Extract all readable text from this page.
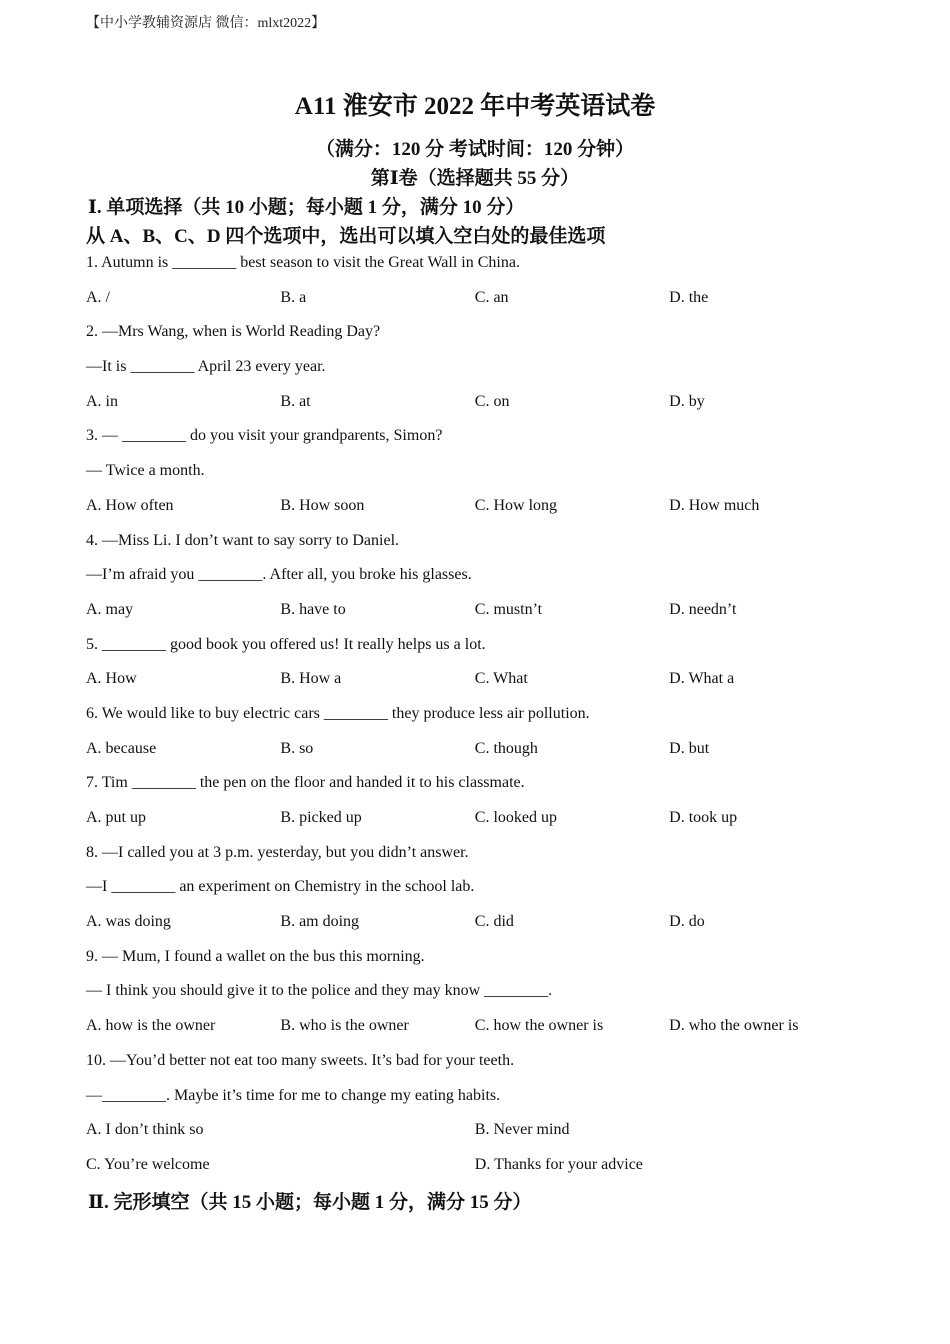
【中小学教辅资源店 微信：mlxt2022】
A11 淮安市 2022 年中考英语试卷
（满分：120 分 考试时间：120 分钟）
第Ⅰ卷（选择题共 55 分）
Ⅰ. 单项选择（共 10 小题；每小题 1 分，满分 10 分）
从 A、B、C、D 四个选项中，选出可以填入空白处的最佳选项
1. Autumn is ________ best season to visit the Great Wall in China.
A. /	B. a	C. an	D. the
2. —Mrs Wang, when is World Reading Day?
—It is ________ April 23 every year.
A. in	B. at	C. on	D. by
3. — ________ do you visit your grandparents, Simon?
— Twice a month.
A. How often	B. How soon	C. How long	D. How much
4. —Miss Li. I don’t want to say sorry to Daniel.
—I’m afraid you ________. After all, you broke his glasses.
A. may	B. have to	C. mustn’t	D. needn’t
5. ________ good book you offered us! It really helps us a lot.
A. How	B. How a	C. What	D. What a
6. We would like to buy electric cars ________ they produce less air pollution.
A. because	B. so	C. though	D. but
7. Tim ________ the pen on the floor and handed it to his classmate.
A. put up	B. picked up	C. looked up	D. took up
8. —I called you at 3 p.m. yesterday, but you didn’t answer.
—I ________ an experiment on Chemistry in the school lab.
A. was doing	B. am doing	C. did	D. do
9. — Mum, I found a wallet on the bus this morning.
— I think you should give it to the police and they may know ________.
A. how is the owner	B. who is the owner	C. how the owner is	D. who the owner is
10. —You’d better not eat too many sweets. It’s bad for your teeth.
—________. Maybe it’s time for me to change my eating habits.
A. I don’t think so	B. Never mind
C. You’re welcome	D. Thanks for your advice
Ⅱ. 完形填空（共 15 小题；每小题 1 分，满分 15 分）
